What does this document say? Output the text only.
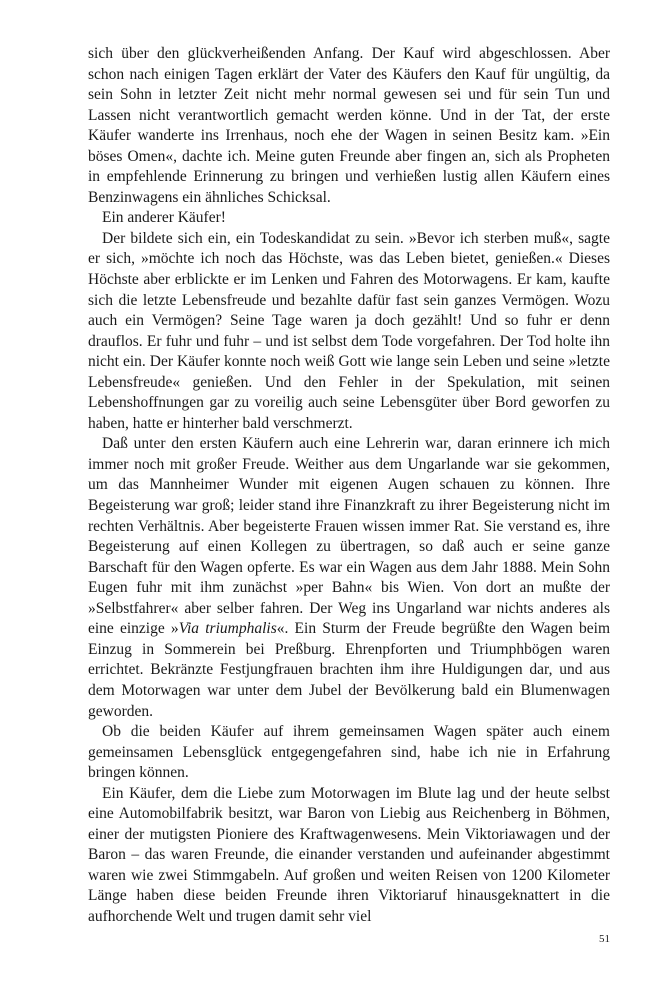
sich über den glückverheißenden Anfang. Der Kauf wird abgeschlossen. Aber schon nach einigen Tagen erklärt der Vater des Käufers den Kauf für ungültig, da sein Sohn in letzter Zeit nicht mehr normal gewesen sei und für sein Tun und Lassen nicht verantwortlich gemacht werden könne. Und in der Tat, der erste Käufer wanderte ins Irrenhaus, noch ehe der Wagen in seinen Besitz kam. »Ein böses Omen«, dachte ich. Meine guten Freunde aber fingen an, sich als Propheten in empfehlende Erinnerung zu bringen und verhießen lustig allen Käufern eines Benzinwagens ein ähnliches Schicksal.

Ein anderer Käufer!

Der bildete sich ein, ein Todeskandidat zu sein. »Bevor ich sterben muß«, sagte er sich, »möchte ich noch das Höchste, was das Leben bietet, genießen.« Dieses Höchste aber erblickte er im Lenken und Fahren des Motorwagens. Er kam, kaufte sich die letzte Lebensfreude und bezahlte dafür fast sein ganzes Vermögen. Wozu auch ein Vermögen? Seine Tage waren ja doch gezählt! Und so fuhr er denn drauflos. Er fuhr und fuhr – und ist selbst dem Tode vorgefahren. Der Tod holte ihn nicht ein. Der Käufer konnte noch weiß Gott wie lange sein Leben und seine »letzte Lebensfreude« genießen. Und den Fehler in der Spekulation, mit seinen Lebenshoffnungen gar zu voreilig auch seine Lebensgüter über Bord geworfen zu haben, hatte er hinterher bald verschmerzt.

Daß unter den ersten Käufern auch eine Lehrerin war, daran erinnere ich mich immer noch mit großer Freude. Weither aus dem Ungarlande war sie gekommen, um das Mannheimer Wunder mit eigenen Augen schauen zu können. Ihre Begeisterung war groß; leider stand ihre Finanzkraft zu ihrer Begeisterung nicht im rechten Verhältnis. Aber begeisterte Frauen wissen immer Rat. Sie verstand es, ihre Begeisterung auf einen Kollegen zu übertragen, so daß auch er seine ganze Barschaft für den Wagen opferte. Es war ein Wagen aus dem Jahr 1888. Mein Sohn Eugen fuhr mit ihm zunächst »per Bahn« bis Wien. Von dort an mußte der »Selbstfahrer« aber selber fahren. Der Weg ins Ungarland war nichts anderes als eine einzige »Via triumphalis«. Ein Sturm der Freude begrüßte den Wagen beim Einzug in Sommerein bei Preßburg. Ehrenpforten und Triumphbögen waren errichtet. Bekränzte Festjungfrauen brachten ihm ihre Huldigungen dar, und aus dem Motorwagen war unter dem Jubel der Bevölkerung bald ein Blumenwagen geworden.

Ob die beiden Käufer auf ihrem gemeinsamen Wagen später auch einem gemeinsamen Lebensglück entgegengefahren sind, habe ich nie in Erfahrung bringen können.

Ein Käufer, dem die Liebe zum Motorwagen im Blute lag und der heute selbst eine Automobilfabrik besitzt, war Baron von Liebig aus Reichenberg in Böhmen, einer der mutigsten Pioniere des Kraftwagenwesens. Mein Viktoriawagen und der Baron – das waren Freunde, die einander verstanden und aufeinander abgestimmt waren wie zwei Stimmgabeln. Auf großen und weiten Reisen von 1200 Kilometer Länge haben diese beiden Freunde ihren Viktoriaruf hinausgeknattert in die aufhorchende Welt und trugen damit sehr viel

51
